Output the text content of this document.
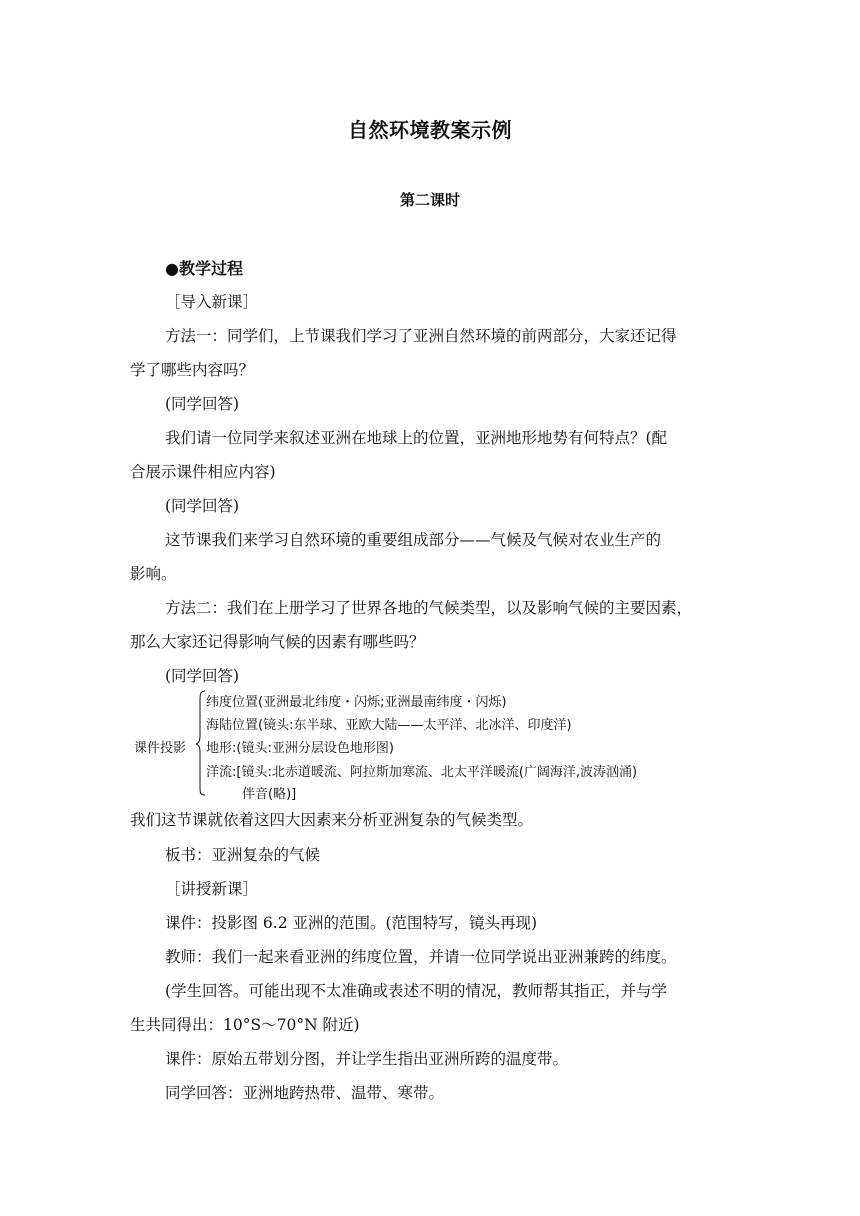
自然环境教案示例
第二课时
●教学过程
［导入新课］
方法一：同学们，上节课我们学习了亚洲自然环境的前两部分，大家还记得
学了哪些内容吗？
(同学回答)
我们请一位同学来叙述亚洲在地球上的位置，亚洲地形地势有何特点？(配
合展示课件相应内容)
(同学回答)
这节课我们来学习自然环境的重要组成部分——气候及气候对农业生产的
影响。
方法二：我们在上册学习了世界各地的气候类型，以及影响气候的主要因素，
那么大家还记得影响气候的因素有哪些吗？
(同学回答)
课件投影
纬度位置(亚洲最北纬度・闪烁;亚洲最南纬度・闪烁)
海陆位置(镜头:东半球、亚欧大陆——太平洋、北冰洋、印度洋)
地形:(镜头:亚洲分层设色地形图)
洋流:[镜头:北赤道暖流、阿拉斯加寒流、北太平洋暖流(广阔海洋,波涛汹涌)
伴音(略)]
我们这节课就依着这四大因素来分析亚洲复杂的气候类型。
板书：亚洲复杂的气候
［讲授新课］
课件：投影图 6.2 亚洲的范围。(范围特写，镜头再现)
教师：我们一起来看亚洲的纬度位置，并请一位同学说出亚洲兼跨的纬度。
(学生回答。可能出现不太准确或表述不明的情况，教师帮其指正，并与学
生共同得出：10°S～70°N 附近)
课件：原始五带划分图，并让学生指出亚洲所跨的温度带。
同学回答：亚洲地跨热带、温带、寒带。
